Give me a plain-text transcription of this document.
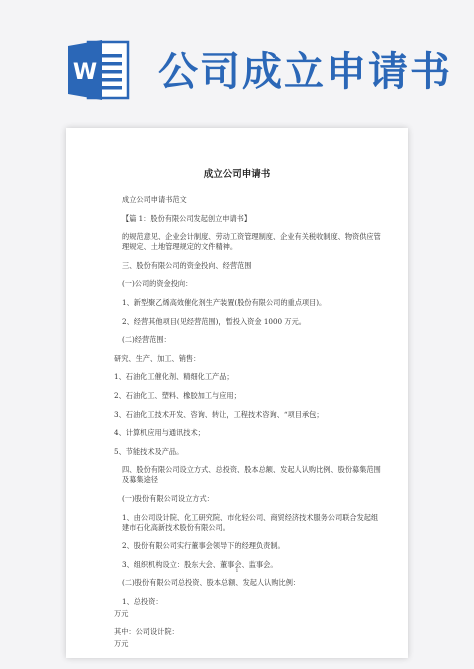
W 公司成立申请书
成立公司申请书
成立公司申请书范文
【篇 1：股份有限公司发起创立申请书】
的规范意见、企业会计制度、劳动工资管理制度、企业有关税收制度、物资供应管理规定、土地管理规定的文件精神。
三、股份有限公司的资金投向、经营范围
(一)公司的资金投向：
1、新型聚乙烯高效催化剂生产装置(股份有限公司的重点项目)。
2、经营其他项目(见经营范围)，暂投入资金 1000 万元。
(二)经营范围：
研究、生产、加工、销售：
1、石油化工催化剂、精细化工产品；
2、石油化工、塑料、橡胶加工与应用；
3、石油化工技术开发、咨询、转让，工程技术咨询、“项目承包；
4、计算机应用与通讯技术；
5、节能技术及产品。
四、股份有限公司设立方式、总投资、股本总额、发起人认购比例、股份募集范围及募集途径
(一)股份有限公司设立方式：
1、由公司设计院、化工研究院、市化轻公司、商贸经济技术服务公司联合发起组建市石化高新技术股份有限公司。
2、股份有限公司实行董事会领导下的经理负责制。
3、组织机构设立：股东大会、董事会、监事会。
(二)股份有限公司总投资、股本总额、发起人认购比例：
1、总投资：
万元
其中：公司设计院：
万元
1
